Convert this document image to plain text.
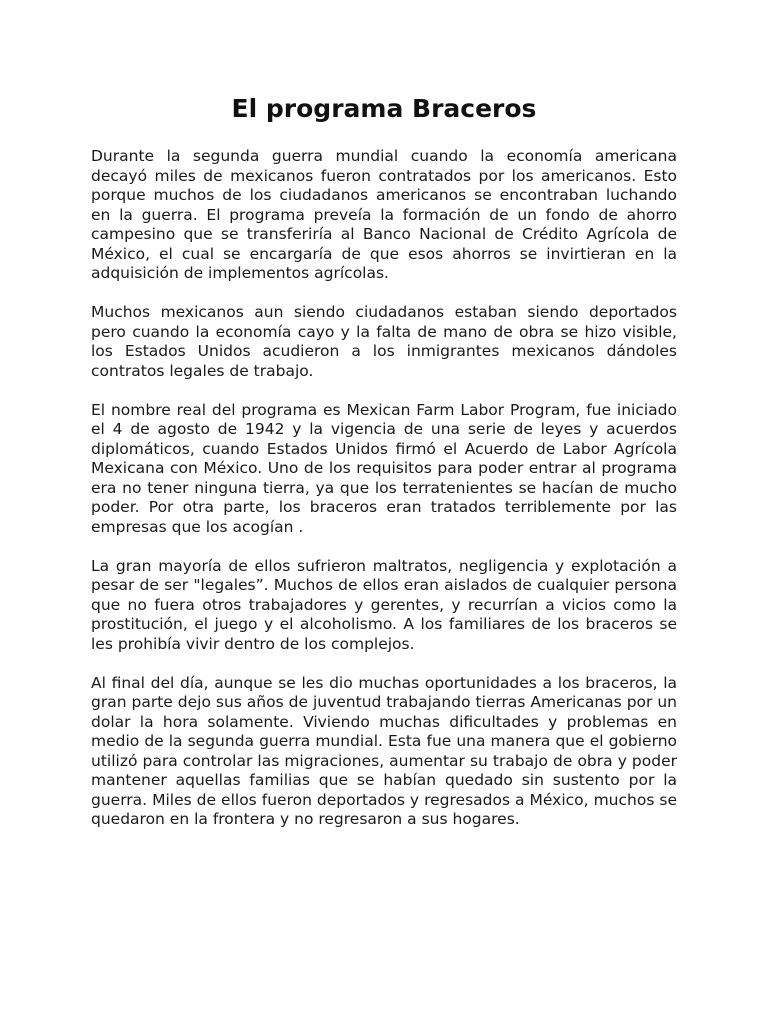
El programa Braceros

Durante la segunda guerra mundial cuando la economía americana decayó miles de mexicanos fueron contratados por los americanos. Esto porque muchos de los ciudadanos americanos se encontraban luchando en la guerra. El programa preveía la formación de un fondo de ahorro campesino que se transferiría al Banco Nacional de Crédito Agrícola de México, el cual se encargaría de que esos ahorros se invirtieran en la adquisición de implementos agrícolas.

Muchos mexicanos aun siendo ciudadanos estaban siendo deportados pero cuando la economía cayo y la falta de mano de obra se hizo visible, los Estados Unidos acudieron a los inmigrantes mexicanos dándoles contratos legales de trabajo.

El nombre real del programa es Mexican Farm Labor Program, fue iniciado el 4 de agosto de 1942 y la vigencia de una serie de leyes y acuerdos diplomáticos, cuando Estados Unidos firmó el Acuerdo de Labor Agrícola Mexicana con México. Uno de los requisitos para poder entrar al programa era no tener ninguna tierra, ya que los terratenientes se hacían de mucho poder. Por otra parte, los braceros eran tratados terriblemente por las empresas que los acogían .

La gran mayoría de ellos sufrieron maltratos, negligencia y explotación a pesar de ser "legales”. Muchos de ellos eran aislados de cualquier persona que no fuera otros trabajadores y gerentes, y recurrían a vicios como la prostitución, el juego y el alcoholismo. A los familiares de los braceros se les prohibía vivir dentro de los complejos.

Al final del día, aunque se les dio muchas oportunidades a los braceros, la gran parte dejo sus años de juventud trabajando tierras Americanas por un dolar la hora solamente. Viviendo muchas dificultades y problemas en medio de la segunda guerra mundial. Esta fue una manera que el gobierno utilizó para controlar las migraciones, aumentar su trabajo de obra y poder mantener aquellas familias que se habían quedado sin sustento por la guerra. Miles de ellos fueron deportados y regresados a México, muchos se quedaron en la frontera y no regresaron a sus hogares.
